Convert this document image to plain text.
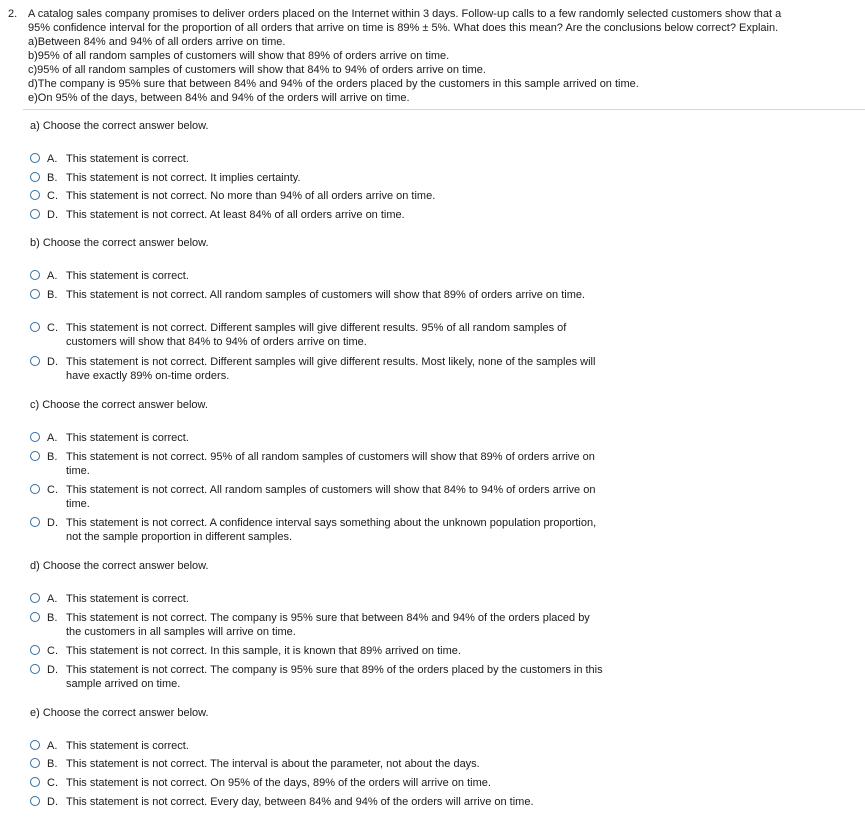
2. A catalog sales company promises to deliver orders placed on the Internet within 3 days. Follow-up calls to a few randomly selected customers show that a
95% confidence interval for the proportion of all orders that arrive on time is 89% ± 5%. What does this mean? Are the conclusions below correct? Explain.
a)Between 84% and 94% of all orders arrive on time.
b)95% of all random samples of customers will show that 89% of orders arrive on time.
c)95% of all random samples of customers will show that 84% to 94% of orders arrive on time.
d)The company is 95% sure that between 84% and 94% of the orders placed by the customers in this sample arrived on time.
e)On 95% of the days, between 84% and 94% of the orders will arrive on time.
a) Choose the correct answer below.
A. This statement is correct.
B. This statement is not correct. It implies certainty.
C. This statement is not correct. No more than 94% of all orders arrive on time.
D. This statement is not correct. At least 84% of all orders arrive on time.
b) Choose the correct answer below.
A. This statement is correct.
B. This statement is not correct. All random samples of customers will show that 89% of orders arrive on time.
C. This statement is not correct. Different samples will give different results. 95% of all random samples of customers will show that 84% to 94% of orders arrive on time.
D. This statement is not correct. Different samples will give different results. Most likely, none of the samples will have exactly 89% on-time orders.
c) Choose the correct answer below.
A. This statement is correct.
B. This statement is not correct. 95% of all random samples of customers will show that 89% of orders arrive on time.
C. This statement is not correct. All random samples of customers will show that 84% to 94% of orders arrive on time.
D. This statement is not correct. A confidence interval says something about the unknown population proportion, not the sample proportion in different samples.
d) Choose the correct answer below.
A. This statement is correct.
B. This statement is not correct. The company is 95% sure that between 84% and 94% of the orders placed by the customers in all samples will arrive on time.
C. This statement is not correct. In this sample, it is known that 89% arrived on time.
D. This statement is not correct. The company is 95% sure that 89% of the orders placed by the customers in this sample arrived on time.
e) Choose the correct answer below.
A. This statement is correct.
B. This statement is not correct. The interval is about the parameter, not about the days.
C. This statement is not correct. On 95% of the days, 89% of the orders will arrive on time.
D. This statement is not correct. Every day, between 84% and 94% of the orders will arrive on time.
